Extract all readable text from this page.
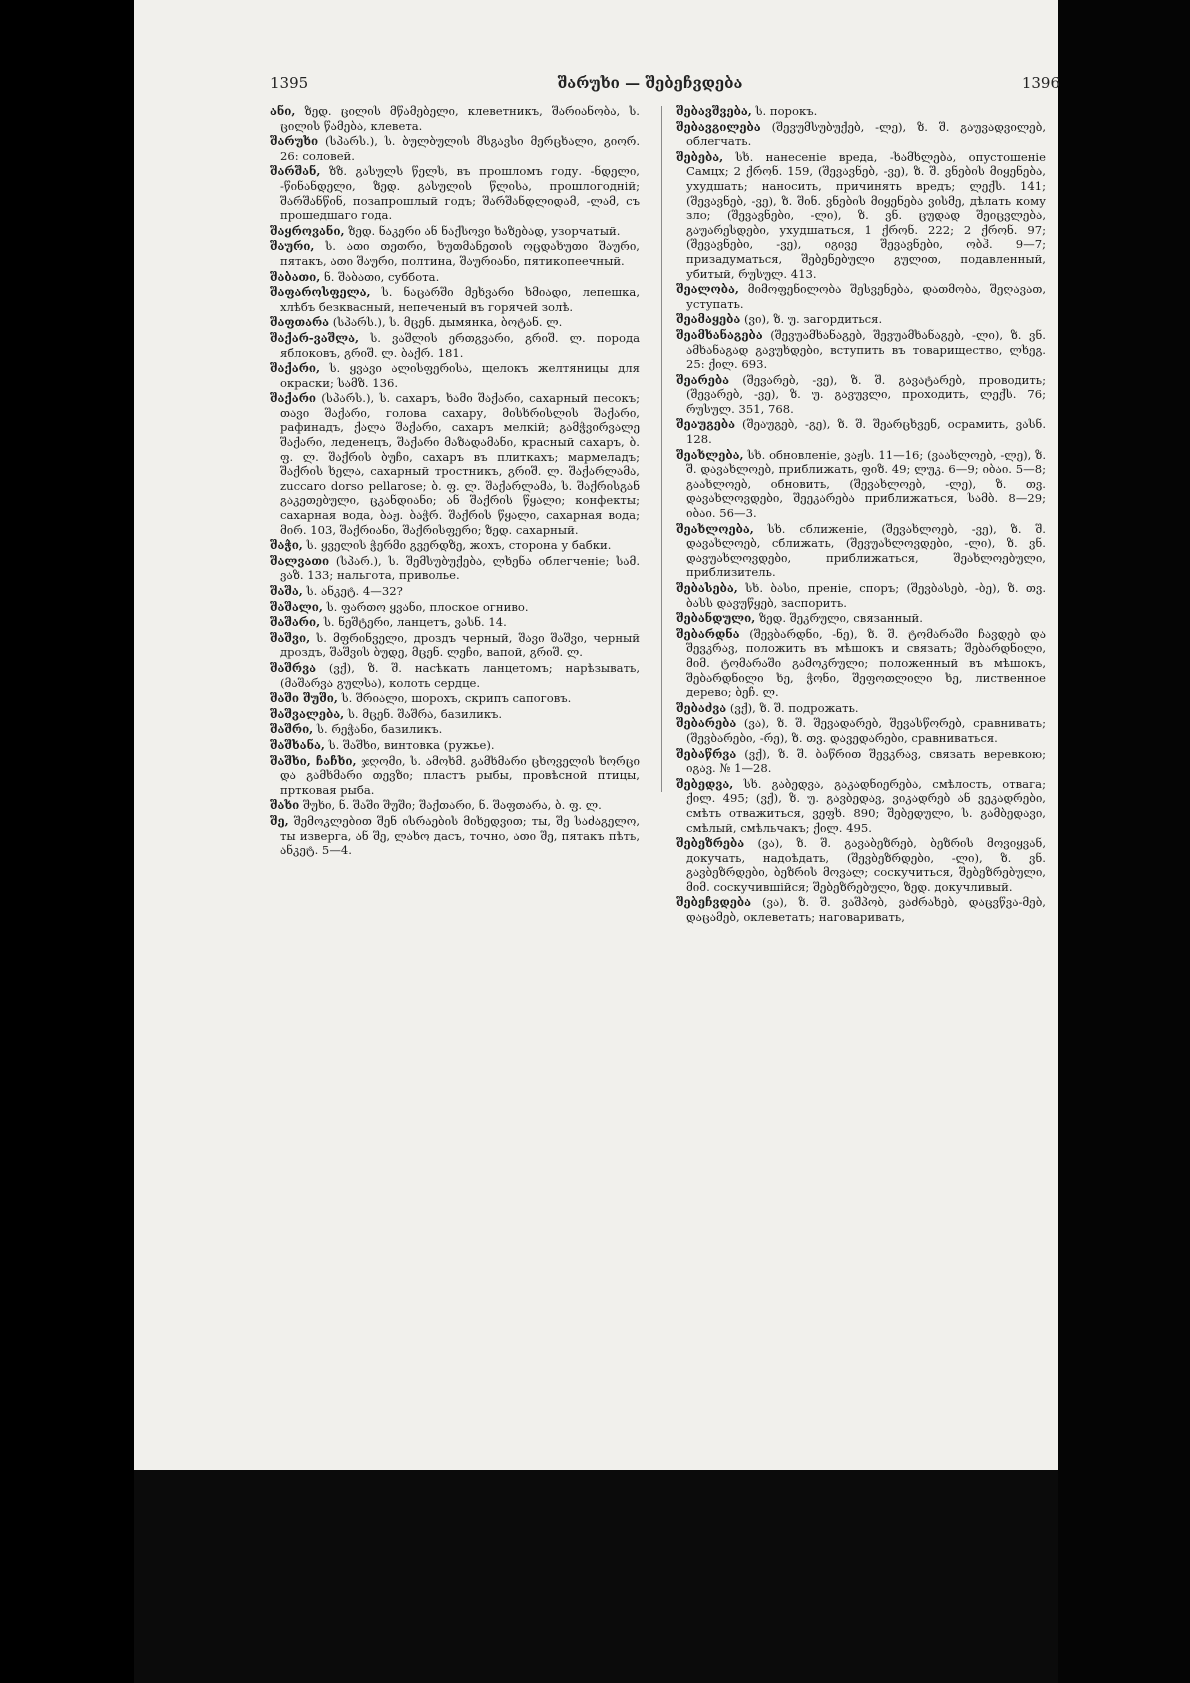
1395	შარუხი — შებეჩვდება	1396
ანი, ზედ. ცილის მწამებელი, клеветникъ, შარიანობა, ს. ცილის წამება, клевета.
შარუხი (სპარს.), ს. ბულბულის მსგავსი მერცხალი, გიორ. 26: соловей.
შარშან, ზზ. გასულს წელს, въ прошломъ году. -ნდელი, -წინანდელი, ზედ. გასულის წლისა, прошлогодній; შარშანწინ, позапрошлый годъ; შარშანდლიდამ, -ლამ, съ прошедшаго года.
შაყროვანი, ზედ. ნაკერი ან ნაქსოვი ხაზებად, узорчатый.
შაური, ს. ათი თეთრი, ხუთმანეთის ოცდახუთი შაური, пятакъ, ათი შაური, полтина, შაურიანი, пятикопеечный.
შაბათი, ნ. შაბათი, суббота.
შაფაროსფელა, ს. ნაცარში მეხვარი ხმიადი, лепешка, хлѣбъ безквасный, непеченый въ горячей золѣ.
შაფთარა (სპარს.), ს. მცენ. дымянка, ბოტან. ლ.
შაქარ-ვაშლა, ს. ვაშლის ერთგვარი, გრიშ. ლ. порода яблоковъ, გრიშ. ლ. ბაქრ. 181.
შაქარი, ს. ყვავი ალისფერისა, щелокъ желтяницы для окраски; სამზ. 136.
შაქარი (სპარს.), ს. сахаръ, ხამი შაქარი, сахарный песокъ; თავი შაქარი, голова сахару, მისხრისლის შაქარი, рафинадъ, ქალა შაქარი, сахаръ мелкій; გამჭვირვალე შაქარი, леденецъ, შაქარი მაზადამანი, красный сахаръ, ბ. ფ. ლ. შაქრის ბუჩი, сахаръ въ плиткахъ; мармеладъ; შაქრის ხელა, сахарный тростникъ, გრიშ. ლ. შაქარლამა, zuccaro dorso pellarose; ბ. ფ. ლ. შაქარლამა, ს. შაქრისგან გაკეთებული, ცკანდიანი; ან შაქრის წყალი; конфекты; сахарная вода, ბაჟ. ბაჭრ. შაქრის წყალი, сахарная вода; მირ. 103, შაქრიანი, შაქრისფერი; ზედ. сахарный.
შაჭი, ს. ყველის ჭერმი გვერდზე, жохъ, сторона у бабки.
შალვათი (სპარ.), ს. შემსუბუქება, ლხენა облегченіе; სამ. ვაზ. 133; нальгота, приволье.
შაშა, ს. ანკეტ. 4—32?
შაშალი, ს. ფართო ყვანი, плоское огниво.
შაშარი, ს. ნეშტერი, ланцетъ, ვასნ. 14.
შაშვი, ს. მფრინველი, дроздъ черный, შავი შაშვი, черный дроздъ, შაშვის ბუდე, მცენ. ლეჩი, вапой, გრიშ. ლ.
შაშრვა (ვქ), ზ. შ. насѣкать ланцетомъ; нарѣзывать, (მაშარვა გულსა), колоть сердце.
შაში შუში, ს. შრიალი, шорохъ, скрипъ сапоговъ.
შაშვალება, ს. მცენ. შაშრა, базиликъ.
შაშრი, ს. რეჭანი, базиликъ.
შაშხანა, ს. შაშხი, винтовка (ружье).
შაშხი, ჩაჩხი, ჯღომი, ს. ამოხმ. გამხმარი ცხოველის ხორცი და გამხმარი თევზი; пластъ рыбы, провѣсной птицы, пртковая рыба.
შახი შუხი, ნ. შაში შუში; შაქთარი, ნ. შაფთარა, ბ. ფ. ლ.
შე, შემოკლებით შენ ისრაების მიხედვით; ты, შე საძაგელო, ты изверга, ან შე, ლახო дасъ, точно, ათი შე, пятакъ пѣть, ანკეტ. 5—4.
შებავშვება, ს. порокъ.
შებავგილება (შევუმსუბუქებ, -ლე), ზ. შ. გაუვადვილებ, облегчать.
შებება, სხ. нанесеніе вреда, -ხამხლება, опустошеніе Самцх; 2 ქრონ. 159, (შევავნებ, -ვე), ზ. შ. ვნების მიყენება, ухудшать; наносить, причинять вредъ; ლექს. 141; (შევავნებ, -ვე), ზ. შინ. ვნების მიყენება ვისმე, дѣлать кому зло; (შევავნები, -ლი), ზ. ვნ. ცუდად შეიცვლება, გაუარესდები, ухудшаться, 1 ქრონ. 222; 2 ქრონ. 97; (შევავნები, -ვე), იგივე შევავნები, ობჰ. 9—7; призадуматься, შებენებული გულით, подавленный, убитый, რუსულ. 413.
შეალობა, მიმოფენილობა შესვენება, დათმობა, შეღავათ, уступать.
შეამაყება (ვი), ზ. უ. загордиться.
შეამხანაგება (შევუამხანაგებ, შევუამხანაგებ, -ლი), ზ. ვნ. ამხანაგად გავუხდები, вступить въ товарищество, ლხეგ. 25: ქილ. 693.
შეარება (შევარებ, -ვე), ზ. შ. გავატარებ, проводить; (შევარებ, -ვე), ზ. უ. გავუვლი, проходить, ლექს. 76; რუსულ. 351, 768.
შეაუგება (შეაუგებ, -გე), ზ. შ. შეარცხვენ, осрамить, ვასნ. 128.
შეახლება, სხ. обновленіе, ვაჟს. 11—16; (ვაახლოებ, -ლე), ზ. შ. დავახლოებ, приближать, ფიზ. 49; ლუკ. 6—9; იბაი. 5—8; გაახლოებ, обновить, (შევახლოებ, -ლე), ზ. თვ. დავახლოვდები, შეეკარება приближаться, სამბ. 8—29; იბაი. 56—3.
შეახლოება, სხ. сближеніе, (შევახლოებ, -ვე), ზ. შ. დავახლოებ, сближать, (შევუახლოვდები, -ლი), ზ. ვნ. დავუახლოვდები, приближаться, შეახლოებული, приблизитель.
შებასება, სხ. ბასი, преніе, споръ; (შევბასებ, -ბე), ზ. თვ. ბასს დავუწყებ, заспорить.
შებანდული, ზედ. შეკრული, связанный.
შებარდნა (შევბარდნი, -ნე), ზ. შ. ტომარაში ჩავდებ და შევკრავ, положить въ мѣшокъ и связать; შებარდნილი, მიმ. ტომარაში გამოკრული; положенный въ мѣшокъ, შებარდნილი ხე, ჭონი, შეფოთლილი ხე, лиственное дерево; ბეჩ. ლ.
შებაძვა (ვქ), ზ. შ. подрожать.
შებარება (ვა), ზ. შ. შევადარებ, შევასწორებ, сравнивать; (შევბარები, -რე), ზ. თვ. დავედარები, сравниваться.
შებაწრვა (ვქ), ზ. შ. ბაწრით შევკრავ, связать веревкою; იგავ. № 1—28.
შებედვა, სხ. გაბედვა, გაკადნიერება, смѣлость, отвага; ქილ. 495; (ვქ), ზ. უ. გავბედავ, ვიკადრებ ან ვეკადრები, смѣть отважиться, ვეფხ. 890; შებედული, ს. გამბედავი, смѣлый, смѣльчакъ; ქილ. 495.
შებეზრება (ვა), ზ. შ. გავაბეზრებ, ბეზრის მოვიყვან, докучать, надоѣдать, (შევბეზრდები, -ლი), ზ. ვნ. გავბეზრდები, ბეზრის მოვალ; соскучиться, შებეზრებული, მიმ. соскучившійся; შებეზრებული, ზედ. докучливый.
შებეჩვდება (ვა), ზ. შ. ვაშპობ, ვაძრახებ, დაცვწვა-მებ, დაცამებ, оклеветать; наговаривать,
